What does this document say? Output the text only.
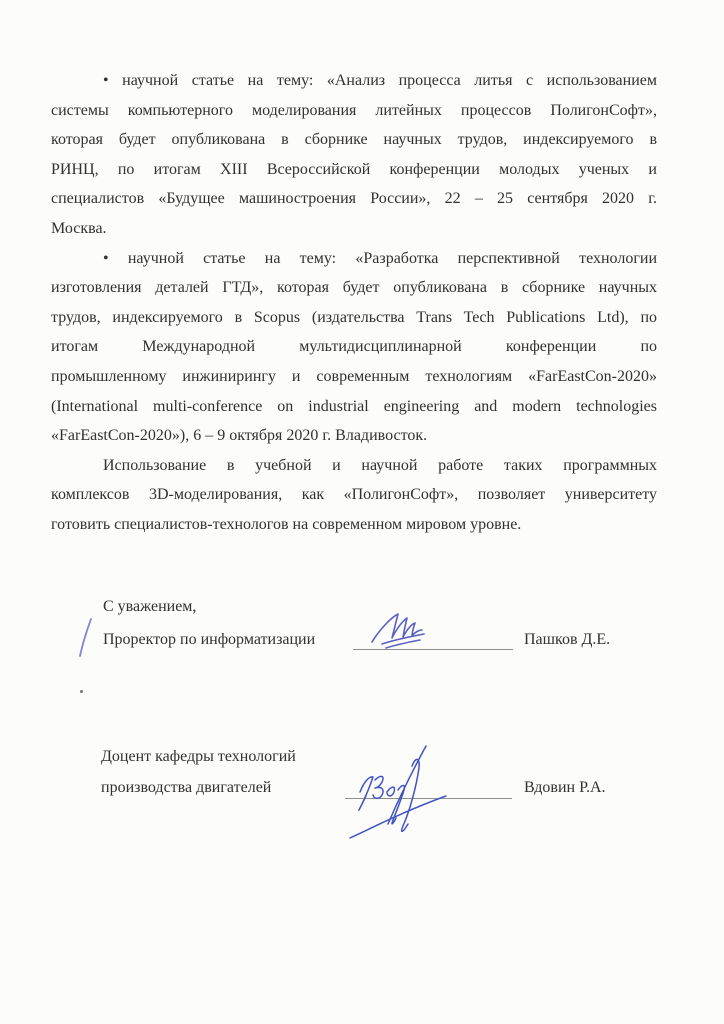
• научной статье на тему: «Анализ процесса литья с использованием
системы компьютерного моделирования литейных процессов ПолигонСофт»,
которая будет опубликована в сборнике научных трудов, индексируемого в
РИНЦ, по итогам XIII Всероссийской конференции молодых ученых и
специалистов «Будущее машиностроения России», 22 – 25 сентября 2020 г.
Москва.
• научной статье на тему: «Разработка перспективной технологии
изготовления деталей ГТД», которая будет опубликована в сборнике научных
трудов, индексируемого в Scopus (издательства Trans Tech Publications Ltd), по
итогам Международной мультидисциплинарной конференции по
промышленному инжинирингу и современным технологиям «FarEastCon-2020»
(International multi-conference on industrial engineering and modern technologies
«FarEastCon-2020»), 6 – 9 октября 2020 г. Владивосток.
Использование в учебной и научной работе таких программных
комплексов 3D-моделирования, как «ПолигонСофт», позволяет университету
готовить специалистов-технологов на современном мировом уровне.
С уважением,
Проректор по информатизации	Пашков Д.Е.
Доцент кафедры технологий
производства двигателей	Вдовин Р.А.
